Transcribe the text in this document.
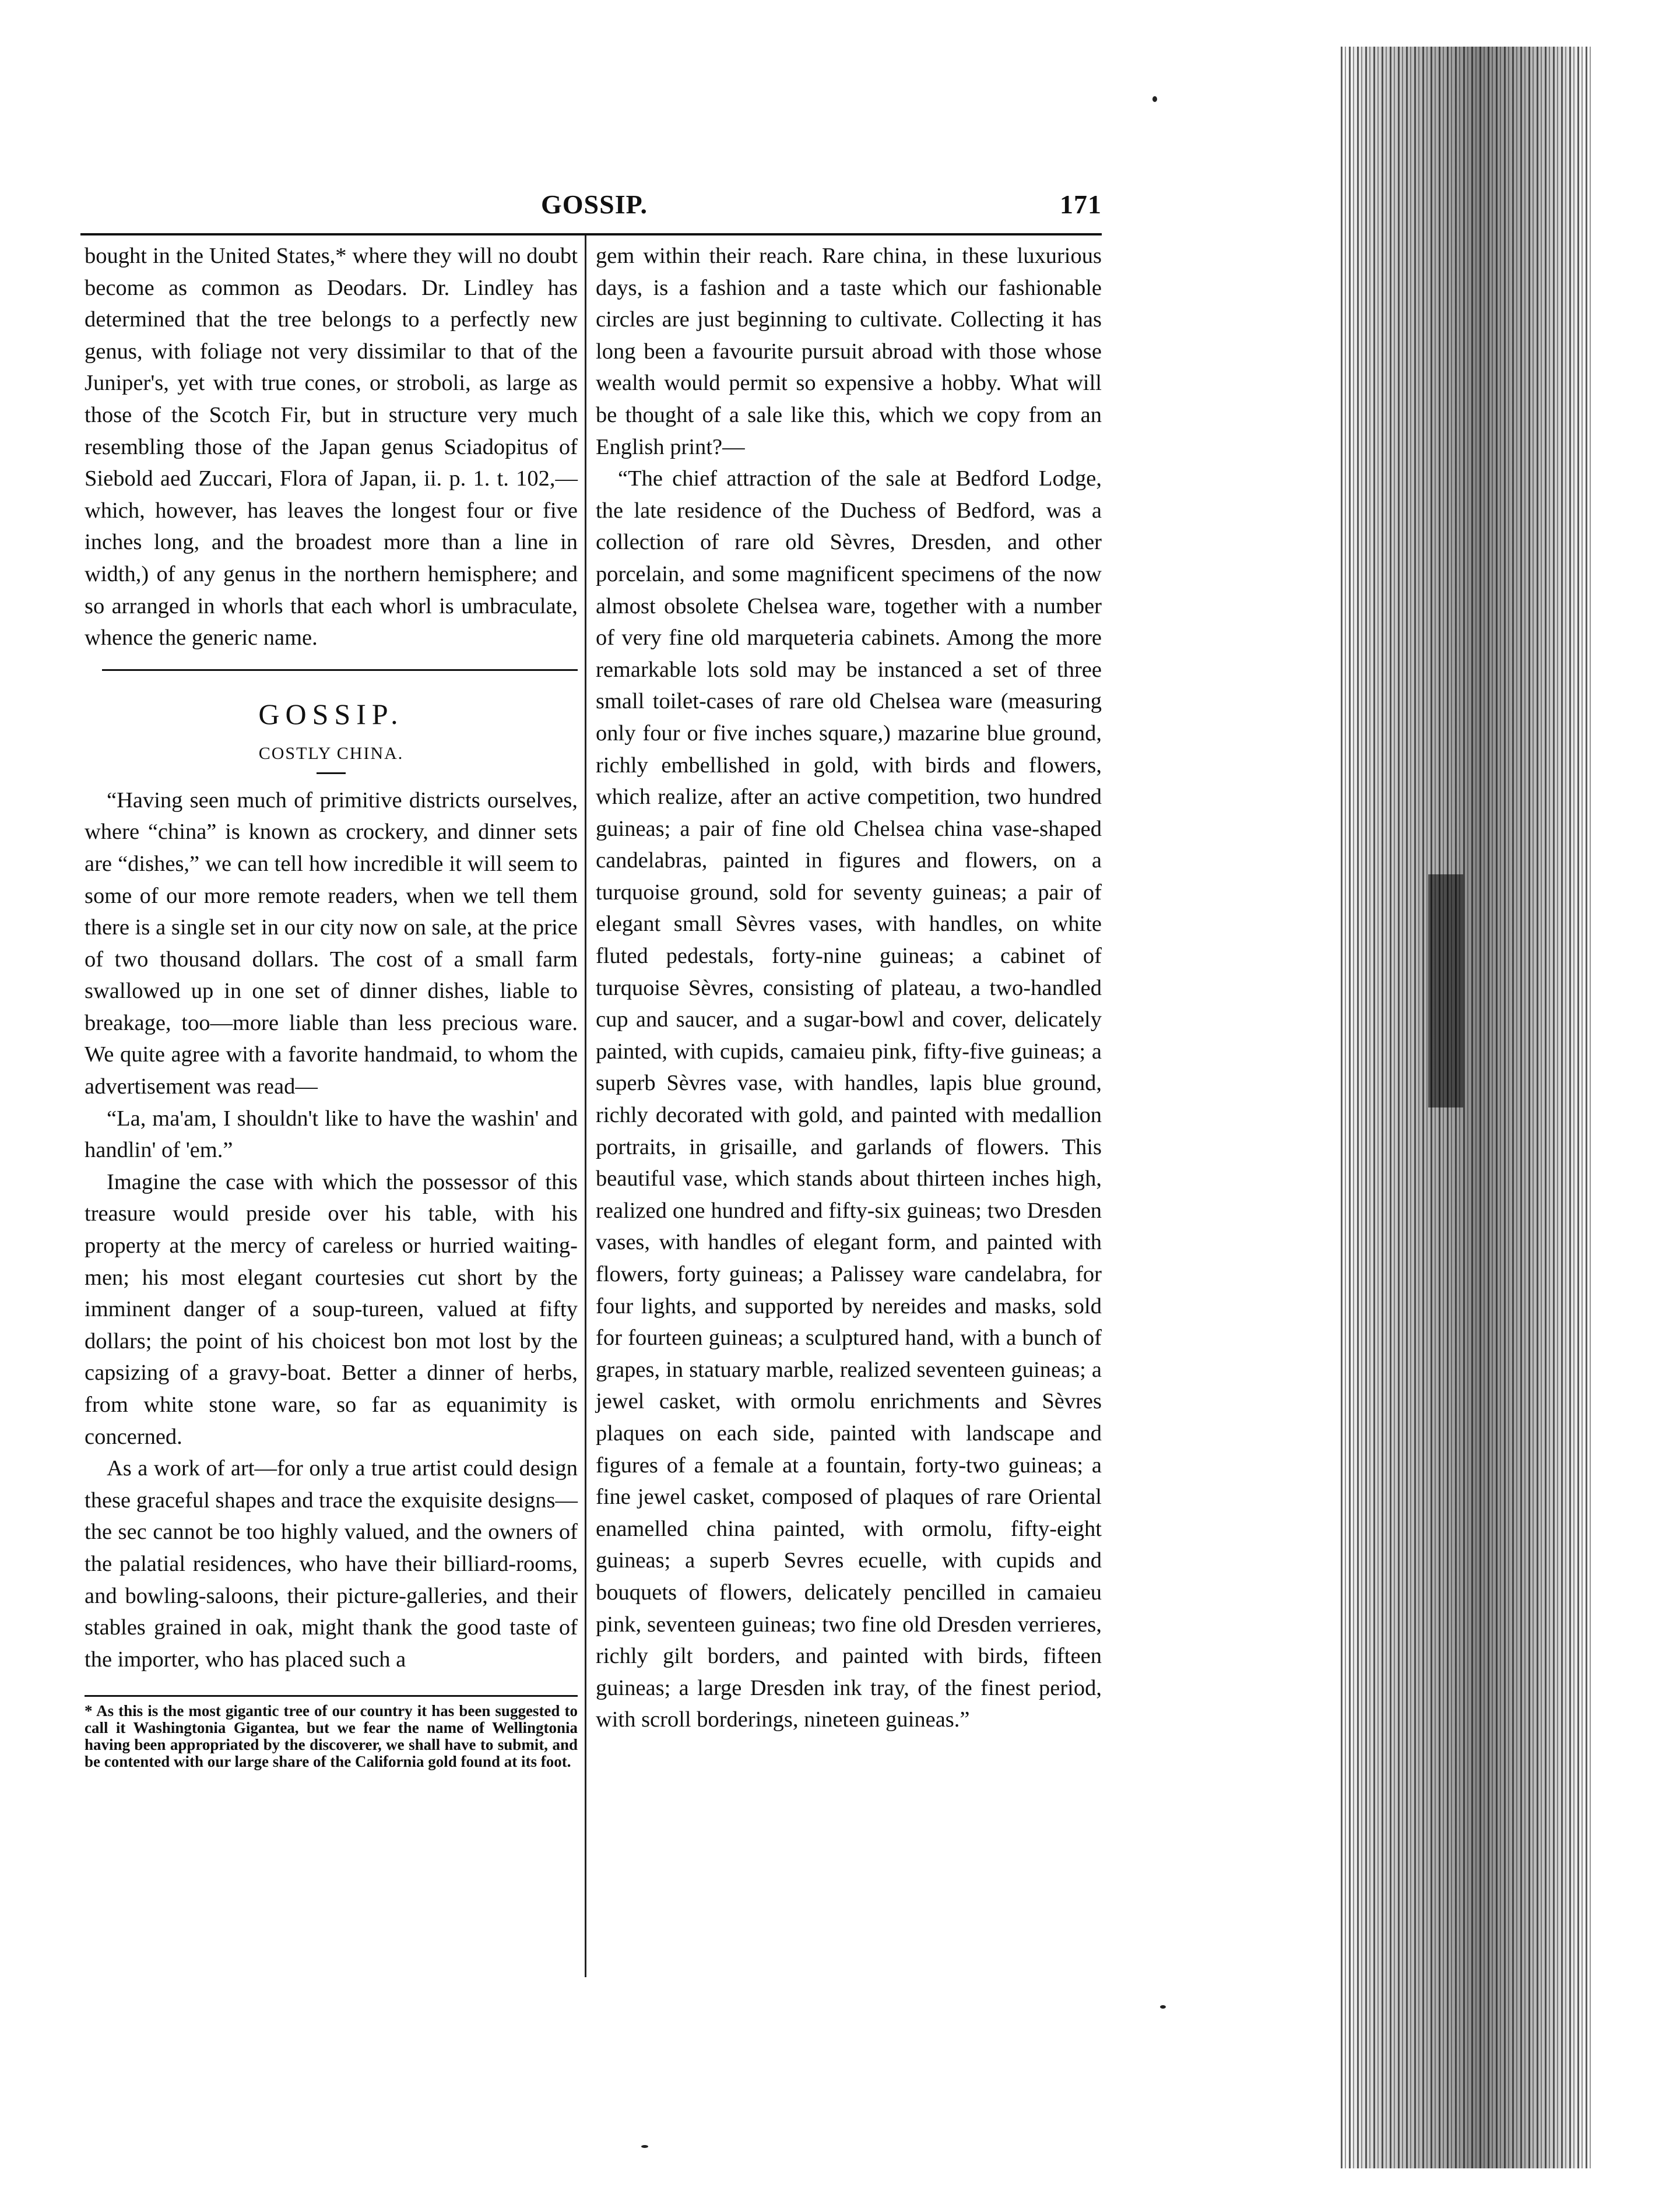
GOSSIP.	171

bought in the United States,* where they will no doubt become as common as Deodars. Dr. Lindley has determined that the tree belongs to a perfectly new genus, with foliage not very dissimilar to that of the Juniper's, yet with true cones, or stroboli, as large as those of the Scotch Fir, but in structure very much resembling those of the Japan genus Sciadopitus of Siebold aed Zuccari, Flora of Japan, ii. p. 1. t. 102,—which, however, has leaves the longest four or five inches long, and the broadest more than a line in width,) of any genus in the northern hemisphere; and so arranged in whorls that each whorl is umbraculate, whence the generic name.

GOSSIP.
COSTLY CHINA.

“Having seen much of primitive districts ourselves, where “china” is known as crockery, and dinner sets are “dishes,” we can tell how incredible it will seem to some of our more remote readers, when we tell them there is a single set in our city now on sale, at the price of two thousand dollars. The cost of a small farm swallowed up in one set of dinner dishes, liable to breakage, too—more liable than less precious ware. We quite agree with a favorite handmaid, to whom the advertisement was read—

“La, ma'am, I shouldn't like to have the washin' and handlin' of 'em.”

Imagine the case with which the possessor of this treasure would preside over his table, with his property at the mercy of careless or hurried waiting-men; his most elegant courtesies cut short by the imminent danger of a soup-tureen, valued at fifty dollars; the point of his choicest bon mot lost by the capsizing of a gravy-boat. Better a dinner of herbs, from white stone ware, so far as equanimity is concerned.

As a work of art—for only a true artist could design these graceful shapes and trace the exquisite designs—the sec cannot be too highly valued, and the owners of the palatial residences, who have their billiard-rooms, and bowling-saloons, their picture-galleries, and their stables grained in oak, might thank the good taste of the importer, who has placed such a

* As this is the most gigantic tree of our country it has been suggested to call it Washingtonia Gigantea, but we fear the name of Wellingtonia having been appropriated by the discoverer, we shall have to submit, and be contented with our large share of the California gold found at its foot.

gem within their reach. Rare china, in these luxurious days, is a fashion and a taste which our fashionable circles are just beginning to cultivate. Collecting it has long been a favourite pursuit abroad with those whose wealth would permit so expensive a hobby. What will be thought of a sale like this, which we copy from an English print?—

“The chief attraction of the sale at Bedford Lodge, the late residence of the Duchess of Bedford, was a collection of rare old Sèvres, Dresden, and other porcelain, and some magnificent specimens of the now almost obsolete Chelsea ware, together with a number of very fine old marqueteria cabinets. Among the more remarkable lots sold may be instanced a set of three small toilet-cases of rare old Chelsea ware (measuring only four or five inches square,) mazarine blue ground, richly embellished in gold, with birds and flowers, which realize, after an active competition, two hundred guineas; a pair of fine old Chelsea china vase-shaped candelabras, painted in figures and flowers, on a turquoise ground, sold for seventy guineas; a pair of elegant small Sèvres vases, with handles, on white fluted pedestals, forty-nine guineas; a cabinet of turquoise Sèvres, consisting of plateau, a two-handled cup and saucer, and a sugar-bowl and cover, delicately painted, with cupids, camaieu pink, fifty-five guineas; a superb Sèvres vase, with handles, lapis blue ground, richly decorated with gold, and painted with medallion portraits, in grisaille, and garlands of flowers. This beautiful vase, which stands about thirteen inches high, realized one hundred and fifty-six guineas; two Dresden vases, with handles of elegant form, and painted with flowers, forty guineas; a Palissey ware candelabra, for four lights, and supported by nereides and masks, sold for fourteen guineas; a sculptured hand, with a bunch of grapes, in statuary marble, realized seventeen guineas; a jewel casket, with ormolu enrichments and Sèvres plaques on each side, painted with landscape and figures of a female at a fountain, forty-two guineas; a fine jewel casket, composed of plaques of rare Oriental enamelled china painted, with ormolu, fifty-eight guineas; a superb Sevres ecuelle, with cupids and bouquets of flowers, delicately pencilled in camaieu pink, seventeen guineas; two fine old Dresden verrieres, richly gilt borders, and painted with birds, fifteen guineas; a large Dresden ink tray, of the finest period, with scroll borderings, nineteen guineas.”
